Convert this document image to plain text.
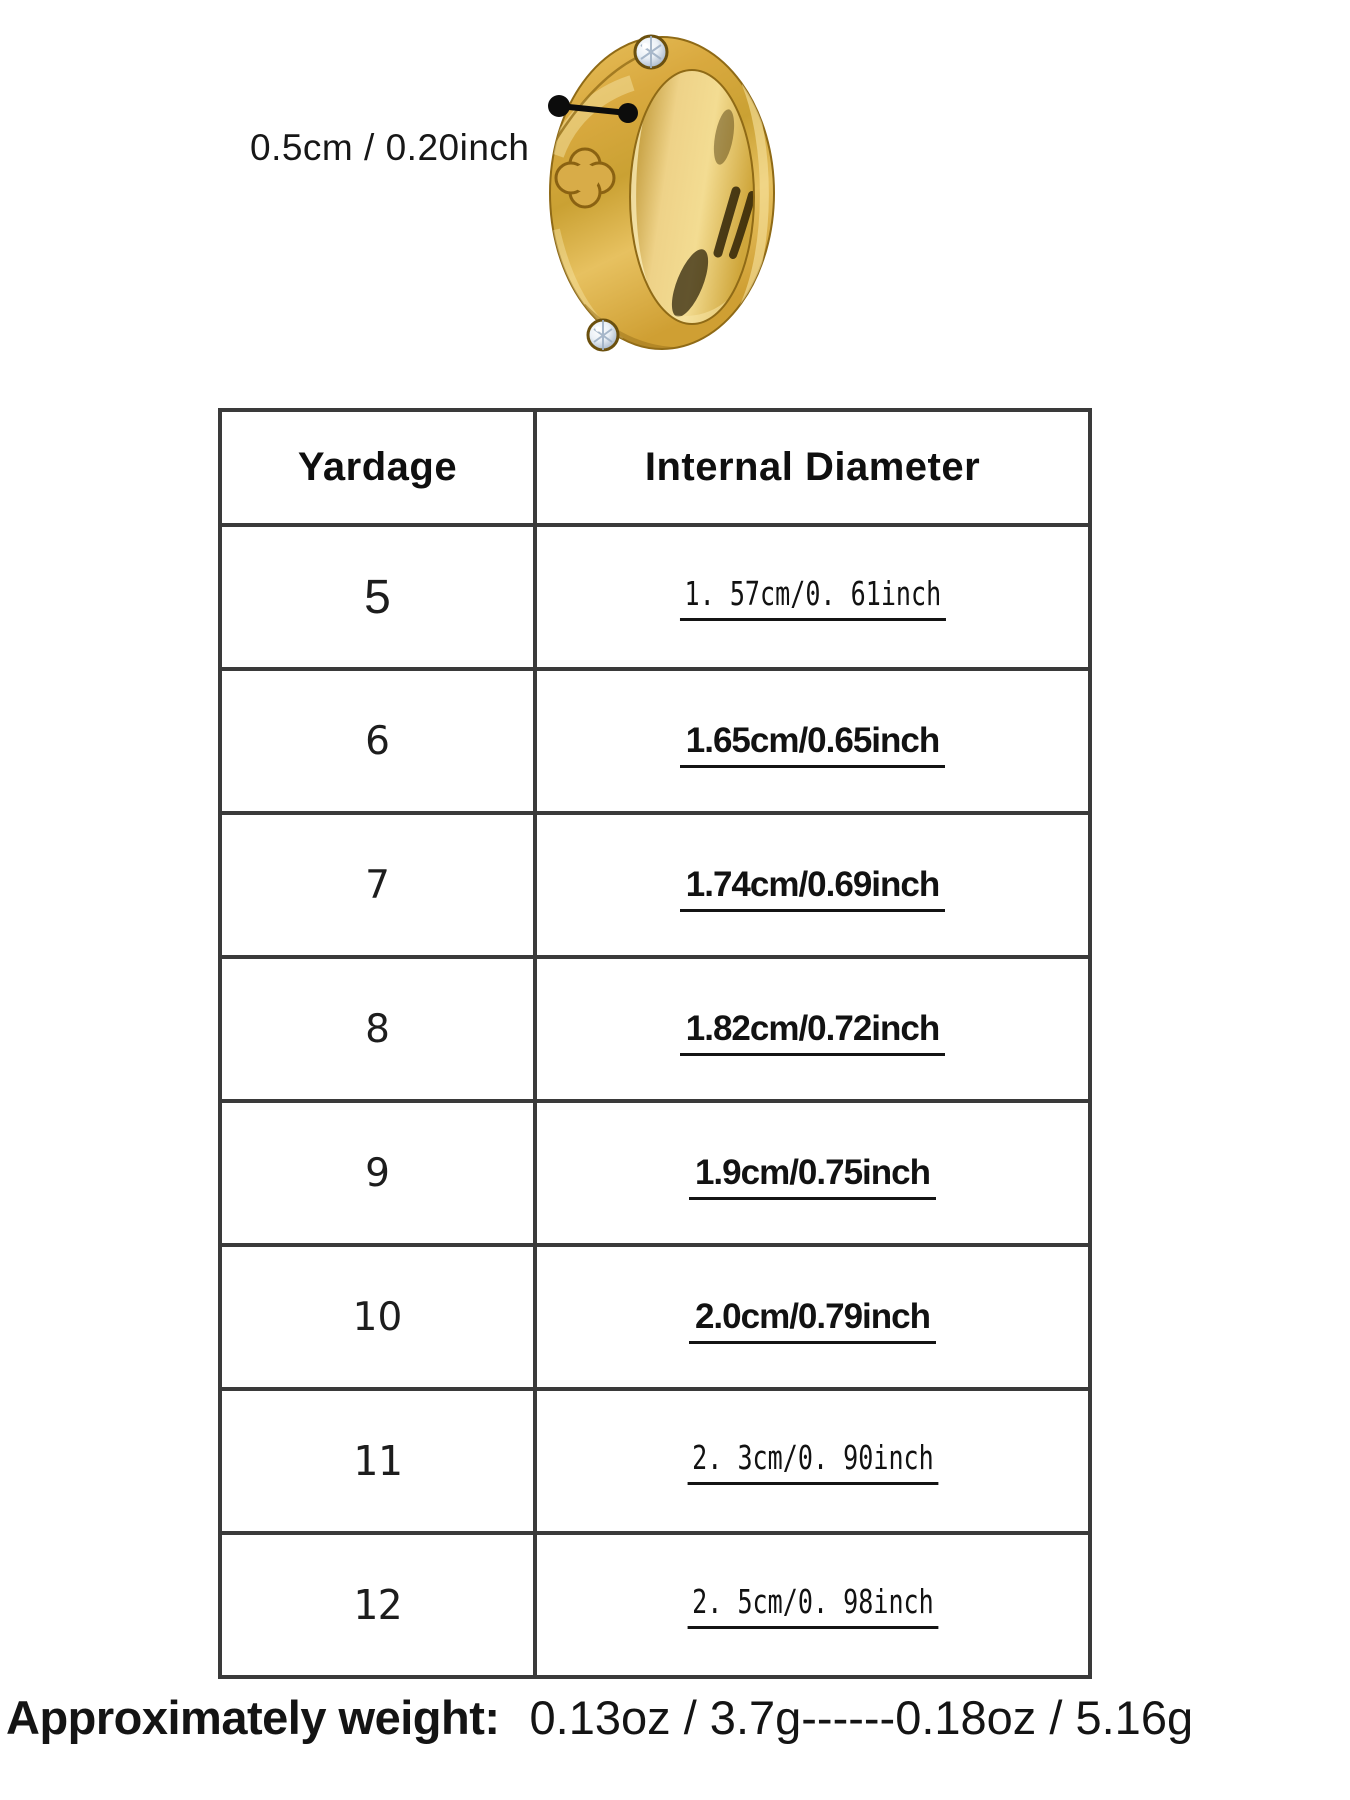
0.5cm / 0.20inch
Yardage	Internal Diameter
5	1. 57cm/0. 61inch
6	1.65cm/0.65inch
7	1.74cm/0.69inch
8	1.82cm/0.72inch
9	1.9cm/0.75inch
10	2.0cm/0.79inch
11	2. 3cm/0. 90inch
12	2. 5cm/0. 98inch
Approximately weight: 0.13oz / 3.7g------0.18oz / 5.16g
